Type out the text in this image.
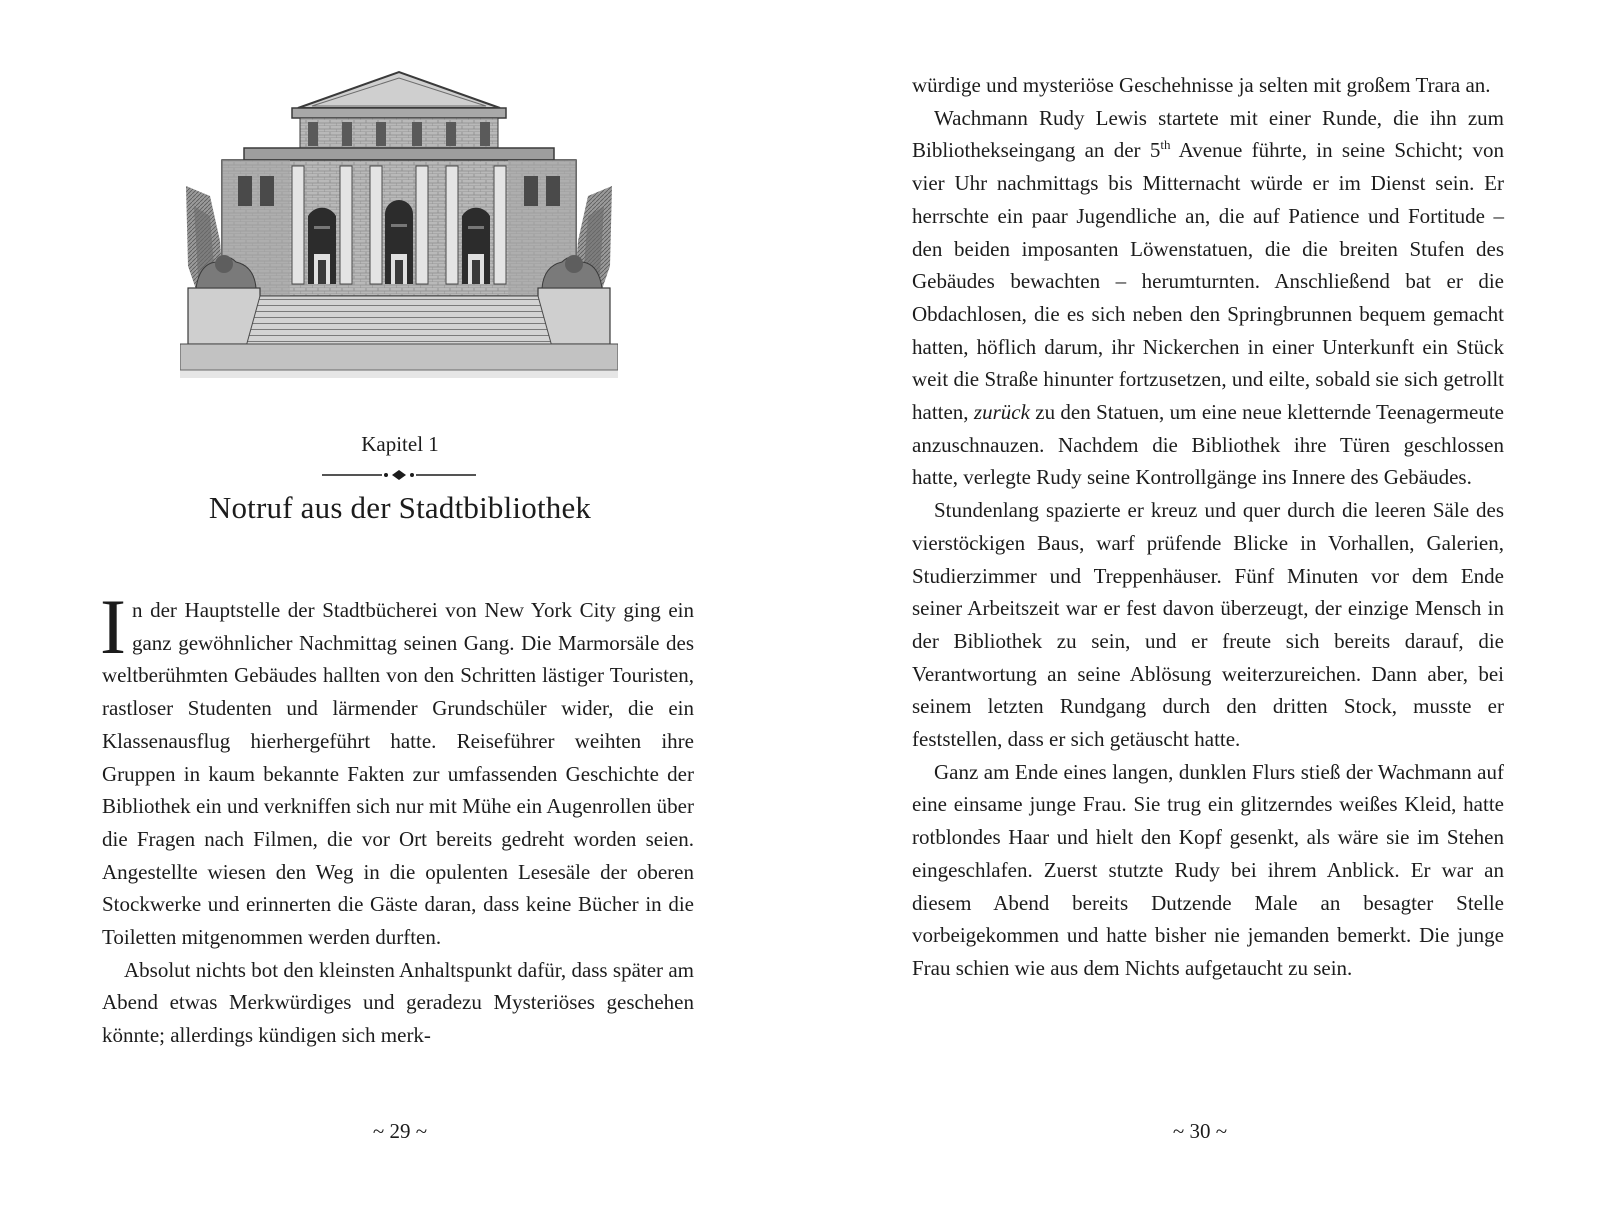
Kapitel 1
Notruf aus der Stadtbibliothek

In der Hauptstelle der Stadtbücherei von New York City ging ein ganz gewöhnlicher Nachmittag seinen Gang. Die Marmorsäle des weltberühmten Gebäudes hallten von den Schritten lästiger Touristen, rastloser Studenten und lärmender Grundschüler wider, die ein Klassenausflug hierhergeführt hatte. Reiseführer weihten ihre Gruppen in kaum bekannte Fakten zur umfassenden Geschichte der Bibliothek ein und verkniffen sich nur mit Mühe ein Augenrollen über die Fragen nach Filmen, die vor Ort bereits gedreht worden seien. Angestellte wiesen den Weg in die opulenten Lesesäle der oberen Stockwerke und erinnerten die Gäste daran, dass keine Bücher in die Toiletten mitgenommen werden durften.

Absolut nichts bot den kleinsten Anhaltspunkt dafür, dass später am Abend etwas Merkwürdiges und geradezu Mysteriöses geschehen könnte; allerdings kündigen sich merk-

~ 29 ~

würdige und mysteriöse Geschehnisse ja selten mit großem Trara an.

Wachmann Rudy Lewis startete mit einer Runde, die ihn zum Bibliothekseingang an der 5th Avenue führte, in seine Schicht; von vier Uhr nachmittags bis Mitternacht würde er im Dienst sein. Er herrschte ein paar Jugendliche an, die auf Patience und Fortitude – den beiden imposanten Löwenstatuen, die die breiten Stufen des Gebäudes bewachten – herumturnten. Anschließend bat er die Obdachlosen, die es sich neben den Springbrunnen bequem gemacht hatten, höflich darum, ihr Nickerchen in einer Unterkunft ein Stück weit die Straße hinunter fortzusetzen, und eilte, sobald sie sich getrollt hatten, zurück zu den Statuen, um eine neue kletternde Teenagermeute anzuschnauzen. Nachdem die Bibliothek ihre Türen geschlossen hatte, verlegte Rudy seine Kontrollgänge ins Innere des Gebäudes.

Stundenlang spazierte er kreuz und quer durch die leeren Säle des vierstöckigen Baus, warf prüfende Blicke in Vorhallen, Galerien, Studierzimmer und Treppenhäuser. Fünf Minuten vor dem Ende seiner Arbeitszeit war er fest davon überzeugt, der einzige Mensch in der Bibliothek zu sein, und er freute sich bereits darauf, die Verantwortung an seine Ablösung weiterzureichen. Dann aber, bei seinem letzten Rundgang durch den dritten Stock, musste er feststellen, dass er sich getäuscht hatte.

Ganz am Ende eines langen, dunklen Flurs stieß der Wachmann auf eine einsame junge Frau. Sie trug ein glitzerndes weißes Kleid, hatte rotblondes Haar und hielt den Kopf gesenkt, als wäre sie im Stehen eingeschlafen. Zuerst stutzte Rudy bei ihrem Anblick. Er war an diesem Abend bereits Dutzende Male an besagter Stelle vorbeigekommen und hatte bisher nie jemanden bemerkt. Die junge Frau schien wie aus dem Nichts aufgetaucht zu sein.

~ 30 ~
